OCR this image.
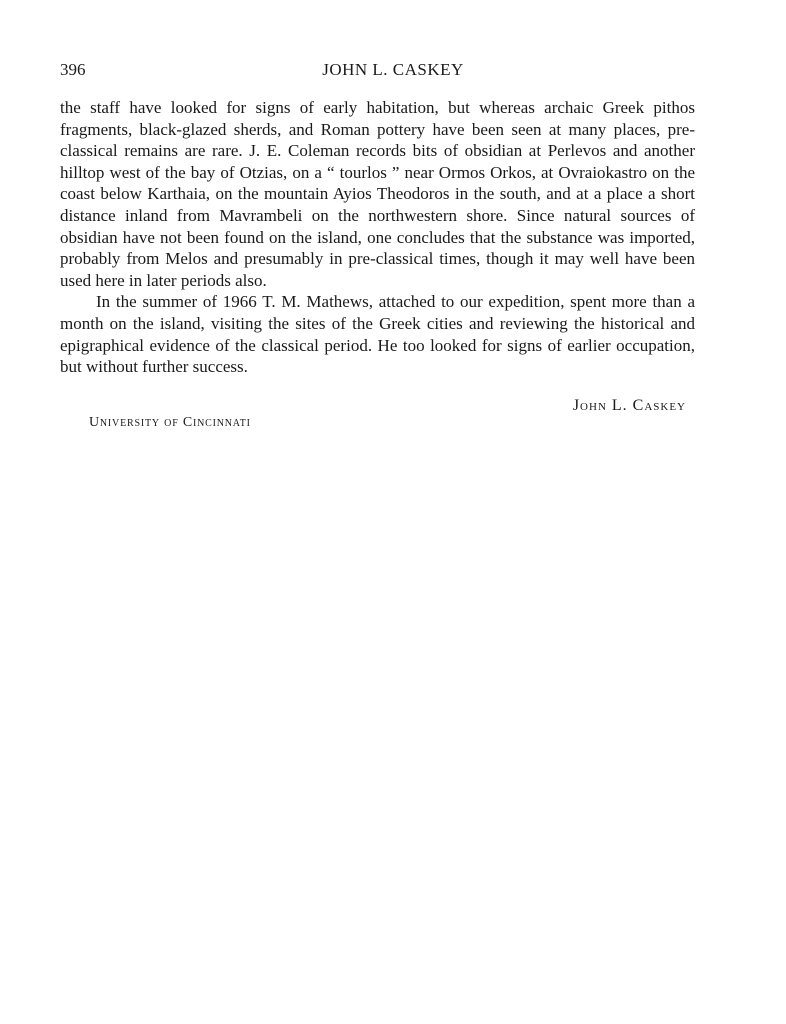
396	JOHN L. CASKEY

the staff have looked for signs of early habitation, but whereas archaic Greek pithos fragments, black-glazed sherds, and Roman pottery have been seen at many places, pre-classical remains are rare. J. E. Coleman records bits of obsidian at Perlevos and another hilltop west of the bay of Otzias, on a “ tourlos ” near Ormos Orkos, at Ovraiokastro on the coast below Karthaia, on the mountain Ayios Theodoros in the south, and at a place a short distance inland from Mavrambeli on the northwestern shore. Since natural sources of obsidian have not been found on the island, one concludes that the substance was imported, probably from Melos and presumably in pre-classical times, though it may well have been used here in later periods also.

In the summer of 1966 T. M. Mathews, attached to our expedition, spent more than a month on the island, visiting the sites of the Greek cities and reviewing the historical and epigraphical evidence of the classical period. He too looked for signs of earlier occupation, but without further success.

John L. Caskey
University of Cincinnati
